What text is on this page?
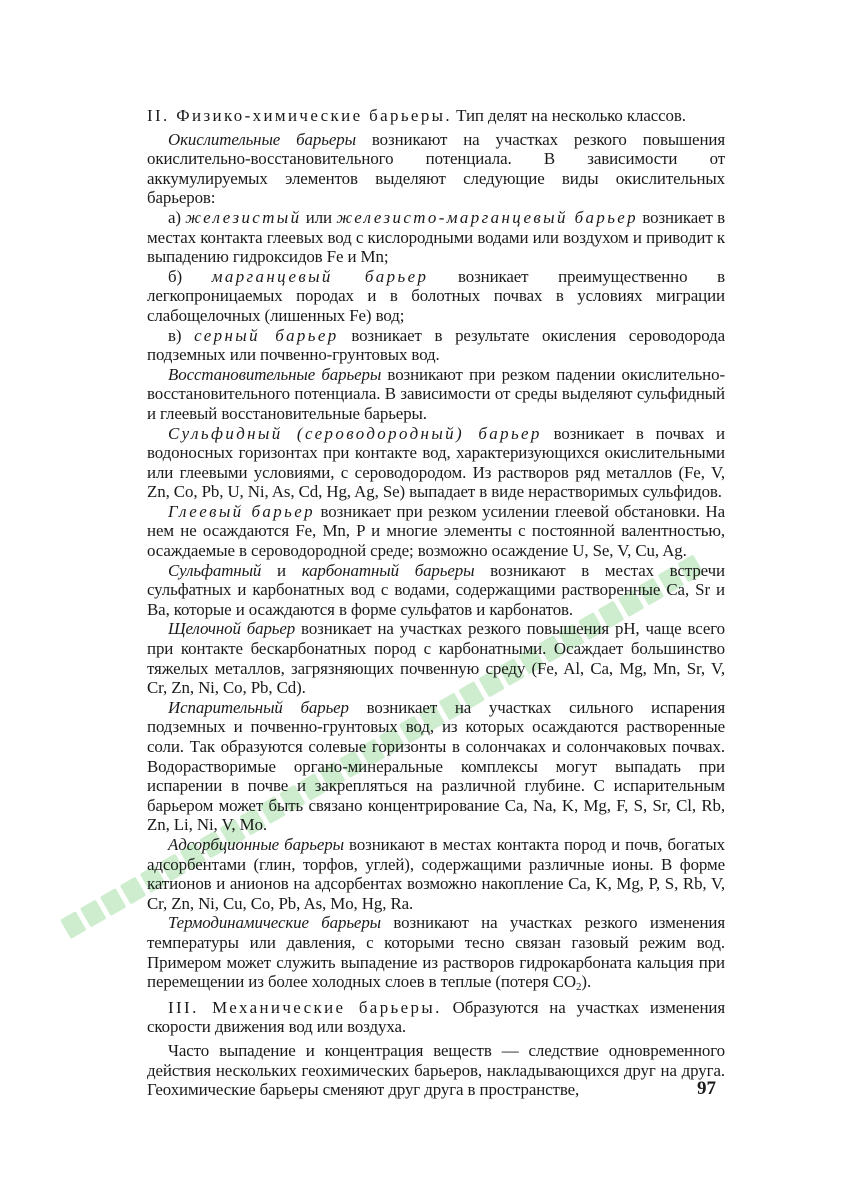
II. Физико-химические барьеры. Тип делят на несколько классов.

Окислительные барьеры возникают на участках резкого повышения окислительно-восстановительного потенциала. В зависимости от аккумулируемых элементов выделяют следующие виды окислительных барьеров:

а) железистый или железисто-марганцевый барьер возникает в местах контакта глеевых вод с кислородными водами или воздухом и приводит к выпадению гидроксидов Fe и Mn;

б) марганцевый барьер возникает преимущественно в легкопроницаемых породах и в болотных почвах в условиях миграции слабощелочных (лишенных Fe) вод;

в) серный барьер возникает в результате окисления сероводорода подземных или почвенно-грунтовых вод.

Восстановительные барьеры возникают при резком падении окислительно-восстановительного потенциала. В зависимости от среды выделяют сульфидный и глеевый восстановительные барьеры.

Сульфидный (сероводородный) барьер возникает в почвах и водоносных горизонтах при контакте вод, характеризующихся окислительными или глеевыми условиями, с сероводородом. Из растворов ряд металлов (Fe, V, Zn, Co, Pb, U, Ni, As, Cd, Hg, Ag, Se) выпадает в виде нерастворимых сульфидов.

Глеевый барьер возникает при резком усилении глеевой обстановки. На нем не осаждаются Fe, Mn, P и многие элементы с постоянной валентностью, осаждаемые в сероводородной среде; возможно осаждение U, Se, V, Cu, Ag.

Сульфатный и карбонатный барьеры возникают в местах встречи сульфатных и карбонатных вод с водами, содержащими растворенные Ca, Sr и Ba, которые и осаждаются в форме сульфатов и карбонатов.

Щелочной барьер возникает на участках резкого повышения pH, чаще всего при контакте бескарбонатных пород с карбонатными. Осаждает большинство тяжелых металлов, загрязняющих почвенную среду (Fe, Al, Ca, Mg, Mn, Sr, V, Cr, Zn, Ni, Co, Pb, Cd).

Испарительный барьер возникает на участках сильного испарения подземных и почвенно-грунтовых вод, из которых осаждаются растворенные соли. Так образуются солевые горизонты в солончаках и солончаковых почвах. Водорастворимые органо-минеральные комплексы могут выпадать при испарении в почве и закрепляться на различной глубине. С испарительным барьером может быть связано концентрирование Ca, Na, K, Mg, F, S, Sr, Cl, Rb, Zn, Li, Ni, V, Mo.

Адсорбционные барьеры возникают в местах контакта пород и почв, богатых адсорбентами (глин, торфов, углей), содержащими различные ионы. В форме катионов и анионов на адсорбентах возможно накопление Ca, K, Mg, P, S, Rb, V, Cr, Zn, Ni, Cu, Co, Pb, As, Mo, Hg, Ra.

Термодинамические барьеры возникают на участках резкого изменения температуры или давления, с которыми тесно связан газовый режим вод. Примером может служить выпадение из растворов гидрокарбоната кальция при перемещении из более холодных слоев в теплые (потеря $CO_2$).

III. Механические барьеры. Образуются на участках изменения скорости движения вод или воздуха.

Часто выпадение и концентрация веществ — следствие одновременного действия нескольких геохимических барьеров, накладывающихся друг на друга. Геохимические барьеры сменяют друг друга в пространстве,	97
